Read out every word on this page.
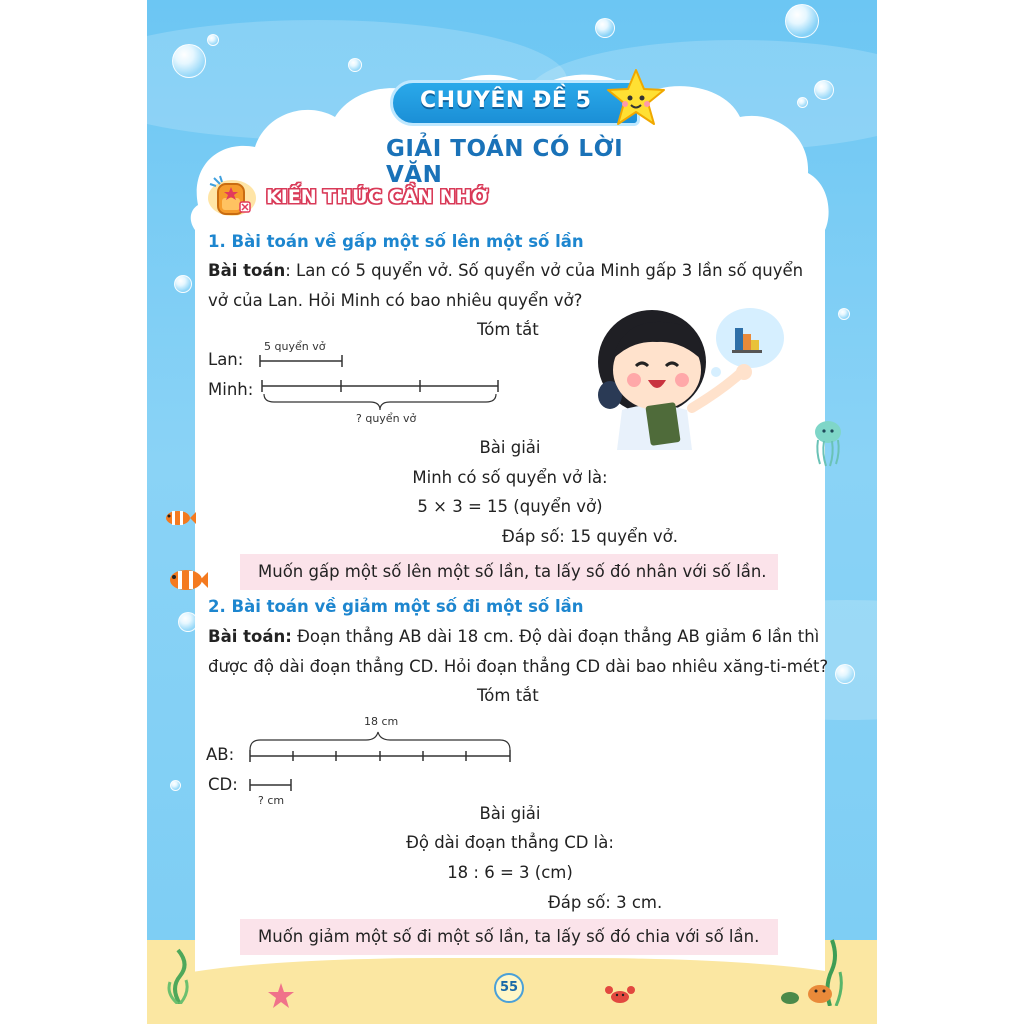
CHUYÊN ĐỀ 5
GIẢI TOÁN CÓ LỜI VĂN
KIẾN THỨC CẦN NHỚ
1. Bài toán về gấp một số lên một số lần
Bài toán: Lan có 5 quyển vở. Số quyển vở của Minh gấp 3 lần số quyển
vở của Lan. Hỏi Minh có bao nhiêu quyển vở?
Tóm tắt
Lan:
5 quyển vở
Minh:
? quyển vở
Bài giải
Minh có số quyển vở là:
5 × 3 = 15 (quyển vở)
Đáp số: 15 quyển vở.
Muốn gấp một số lên một số lần, ta lấy số đó nhân với số lần.
2. Bài toán về giảm một số đi một số lần
Bài toán: Đoạn thẳng AB dài 18 cm. Độ dài đoạn thẳng AB giảm 6 lần thì
được độ dài đoạn thẳng CD. Hỏi đoạn thẳng CD dài bao nhiêu xăng-ti-mét?
Tóm tắt
18 cm
AB:
CD:
? cm
Bài giải
Độ dài đoạn thẳng CD là:
18 : 6 = 3 (cm)
Đáp số: 3 cm.
Muốn giảm một số đi một số lần, ta lấy số đó chia với số lần.
55
